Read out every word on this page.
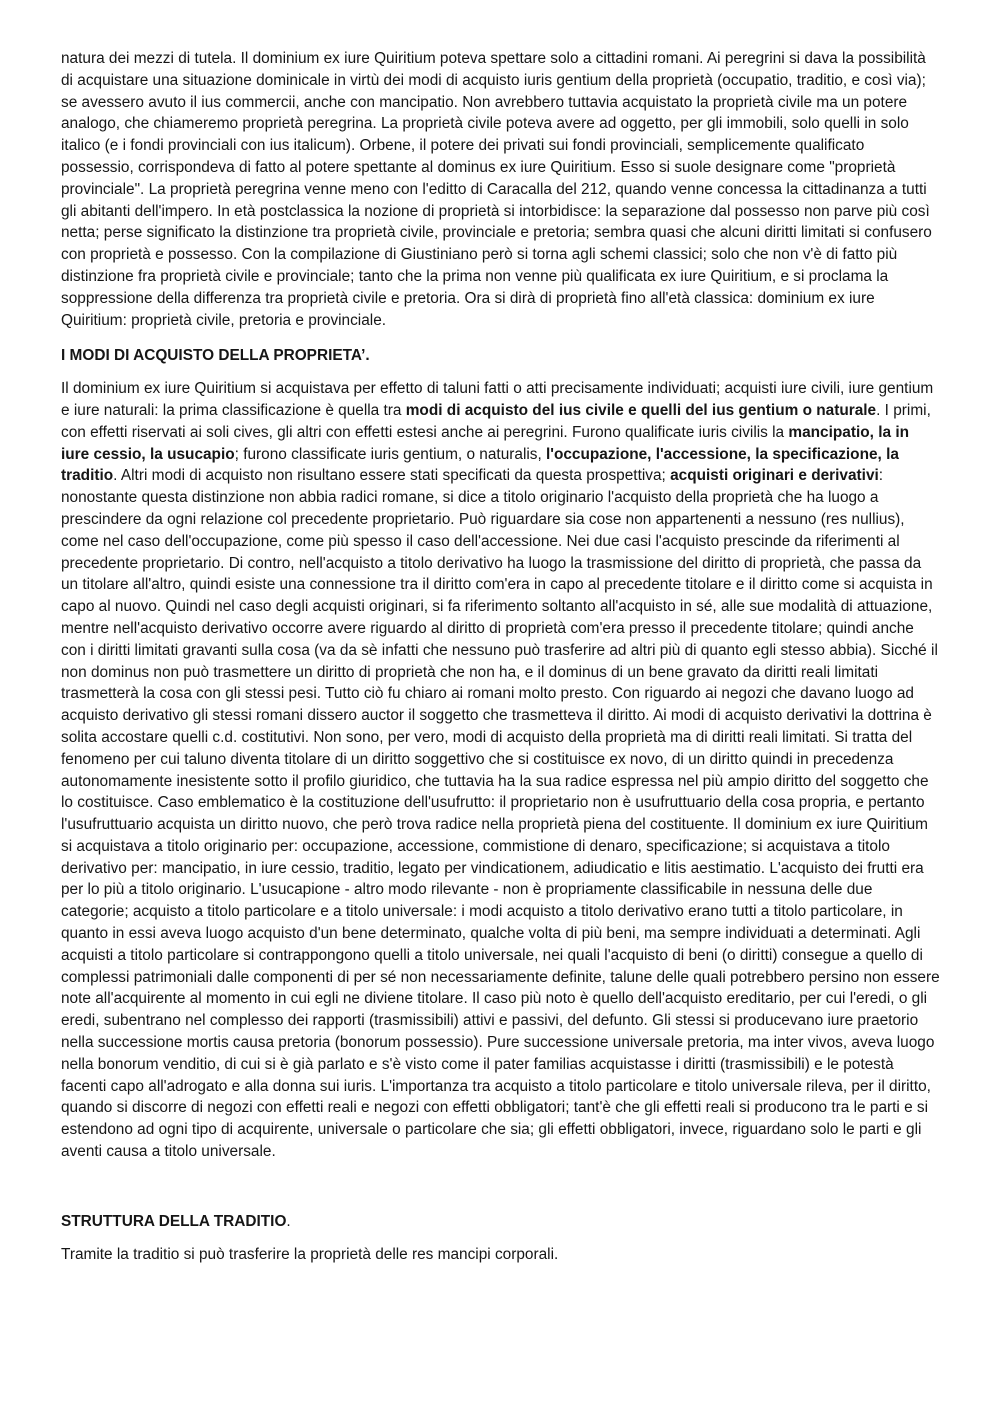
natura dei mezzi di tutela. Il dominium ex iure Quiritium poteva spettare solo a cittadini romani. Ai peregrini si dava la possibilità di acquistare una situazione dominicale in virtù dei modi di acquisto iuris gentium della proprietà (occupatio, traditio, e così via); se avessero avuto il ius commercii, anche con mancipatio. Non avrebbero tuttavia acquistato la proprietà civile ma un potere analogo, che chiameremo proprietà peregrina. La proprietà civile poteva avere ad oggetto, per gli immobili, solo quelli in solo italico (e i fondi provinciali con ius italicum). Orbene, il potere dei privati sui fondi provinciali, semplicemente qualificato possessio, corrispondeva di fatto al potere spettante al dominus ex iure Quiritium. Esso si suole designare come "proprietà provinciale". La proprietà peregrina venne meno con l'editto di Caracalla del 212, quando venne concessa la cittadinanza a tutti gli abitanti dell'impero. In età postclassica la nozione di proprietà si intorbidisce: la separazione dal possesso non parve più così netta; perse significato la distinzione tra proprietà civile, provinciale e pretoria; sembra quasi che alcuni diritti limitati si confusero con proprietà e possesso. Con la compilazione di Giustiniano però si torna agli schemi classici; solo che non v'è di fatto più distinzione fra proprietà civile e provinciale; tanto che la prima non venne più qualificata ex iure Quiritium, e si proclama la soppressione della differenza tra proprietà civile e pretoria. Ora si dirà di proprietà fino all'età classica: dominium ex iure Quiritium: proprietà civile, pretoria e provinciale.

I MODI DI ACQUISTO DELLA PROPRIETA’.

Il dominium ex iure Quiritium si acquistava per effetto di taluni fatti o atti precisamente individuati; acquisti iure civili, iure gentium e iure naturali: la prima classificazione è quella tra modi di acquisto del ius civile e quelli del ius gentium o naturale. I primi, con effetti riservati ai soli cives, gli altri con effetti estesi anche ai peregrini. Furono qualificate iuris civilis la mancipatio, la in iure cessio, la usucapio; furono classificate iuris gentium, o naturalis, l'occupazione, l'accessione, la specificazione, la traditio. Altri modi di acquisto non risultano essere stati specificati da questa prospettiva; acquisti originari e derivativi: nonostante questa distinzione non abbia radici romane, si dice a titolo originario l'acquisto della proprietà che ha luogo a prescindere da ogni relazione col precedente proprietario. Può riguardare sia cose non appartenenti a nessuno (res nullius), come nel caso dell'occupazione, come più spesso il caso dell'accessione. Nei due casi l'acquisto prescinde da riferimenti al precedente proprietario. Di contro, nell'acquisto a titolo derivativo ha luogo la trasmissione del diritto di proprietà, che passa da un titolare all'altro, quindi esiste una connessione tra il diritto com'era in capo al precedente titolare e il diritto come si acquista in capo al nuovo. Quindi nel caso degli acquisti originari, si fa riferimento soltanto all'acquisto in sé, alle sue modalità di attuazione, mentre nell'acquisto derivativo occorre avere riguardo al diritto di proprietà com'era presso il precedente titolare; quindi anche con i diritti limitati gravanti sulla cosa (va da sè infatti che nessuno può trasferire ad altri più di quanto egli stesso abbia). Sicché il non dominus non può trasmettere un diritto di proprietà che non ha, e il dominus di un bene gravato da diritti reali limitati trasmetterà la cosa con gli stessi pesi. Tutto ciò fu chiaro ai romani molto presto. Con riguardo ai negozi che davano luogo ad acquisto derivativo gli stessi romani dissero auctor il soggetto che trasmetteva il diritto. Ai modi di acquisto derivativi la dottrina è solita accostare quelli c.d. costitutivi. Non sono, per vero, modi di acquisto della proprietà ma di diritti reali limitati. Si tratta del fenomeno per cui taluno diventa titolare di un diritto soggettivo che si costituisce ex novo, di un diritto quindi in precedenza autonomamente inesistente sotto il profilo giuridico, che tuttavia ha la sua radice espressa nel più ampio diritto del soggetto che lo costituisce. Caso emblematico è la costituzione dell'usufrutto: il proprietario non è usufruttuario della cosa propria, e pertanto l'usufruttuario acquista un diritto nuovo, che però trova radice nella proprietà piena del costituente. Il dominium ex iure Quiritium si acquistava a titolo originario per: occupazione, accessione, commistione di denaro, specificazione; si acquistava a titolo derivativo per: mancipatio, in iure cessio, traditio, legato per vindicationem, adiudicatio e litis aestimatio. L'acquisto dei frutti era per lo più a titolo originario. L'usucapione - altro modo rilevante - non è propriamente classificabile in nessuna delle due categorie; acquisto a titolo particolare e a titolo universale: i modi acquisto a titolo derivativo erano tutti a titolo particolare, in quanto in essi aveva luogo acquisto d'un bene determinato, qualche volta di più beni, ma sempre individuati a determinati. Agli acquisti a titolo particolare si contrappongono quelli a titolo universale, nei quali l'acquisto di beni (o diritti) consegue a quello di complessi patrimoniali dalle componenti di per sé non necessariamente definite, talune delle quali potrebbero persino non essere note all'acquirente al momento in cui egli ne diviene titolare. Il caso più noto è quello dell'acquisto ereditario, per cui l'eredi, o gli eredi, subentrano nel complesso dei rapporti (trasmissibili) attivi e passivi, del defunto. Gli stessi si producevano iure praetorio nella successione mortis causa pretoria (bonorum possessio). Pure successione universale pretoria, ma inter vivos, aveva luogo nella bonorum venditio, di cui si è già parlato e s'è visto come il pater familias acquistasse i diritti (trasmissibili) e le potestà facenti capo all'adrogato e alla donna sui iuris. L'importanza tra acquisto a titolo particolare e titolo universale rileva, per il diritto, quando si discorre di negozi con effetti reali e negozi con effetti obbligatori; tant'è che gli effetti reali si producono tra le parti e si estendono ad ogni tipo di acquirente, universale o particolare che sia; gli effetti obbligatori, invece, riguardano solo le parti e gli aventi causa a titolo universale.

STRUTTURA DELLA TRADITIO.

Tramite la traditio si può trasferire la proprietà delle res mancipi corporali.
